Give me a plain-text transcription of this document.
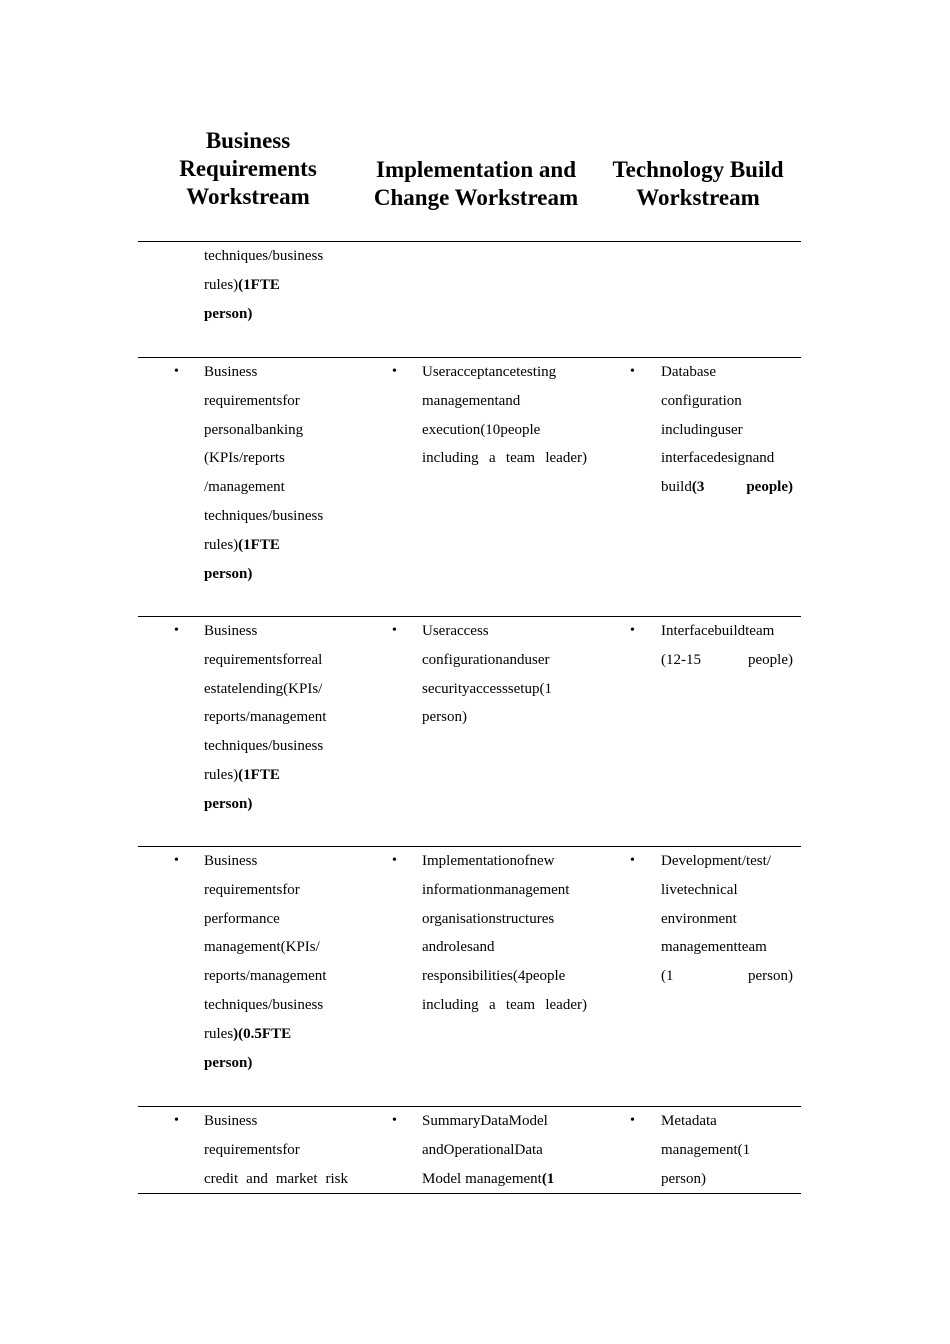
Business
Requirements
Workstream
Implementation and
Change Workstream
Technology Build
Workstream
techniques/business
rules)(1FTE
person)
• Business
requirementsfor
personalbanking
(KPIs/reports
/management
techniques/business
rules)(1FTE
person)
• Useracceptancetesting
managementand
execution(10people
including a team leader)
• Database
configuration
includinguser
interfacedesignand
build(3 people)
• Business
requirementsforreal
estatelending(KPIs/
reports/management
techniques/business
rules)(1FTE
person)
• Useraccess
configurationanduser
securityaccesssetup(1
person)
• Interfacebuildteam
(12-15 people)
• Business
requirementsfor
performance
management(KPIs/
reports/management
techniques/business
rules)(0.5FTE
person)
• Implementationofnew
informationmanagement
organisationstructures
androlesand
responsibilities(4people
including a team leader)
• Development/test/
livetechnical
environment
managementteam
(1 person)
• Business
requirementsfor
credit and market risk
• SummaryDataModel
andOperationalData
Model management(1
• Metadata
management(1
person)
